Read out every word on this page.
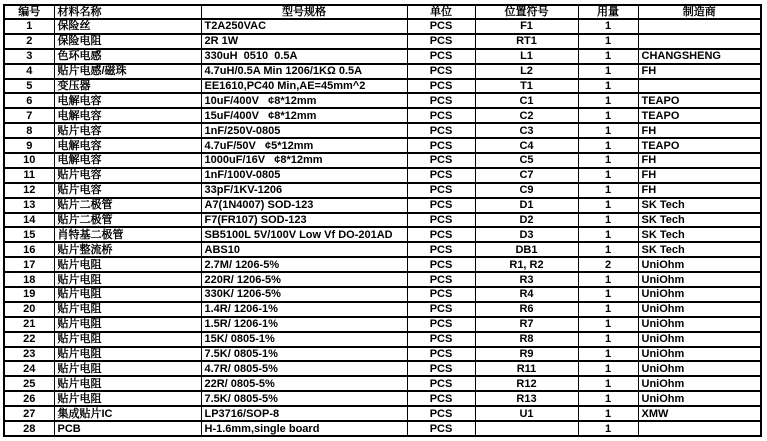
编号	材料名称	型号规格	单位	位置符号	用量	制造商
1	保险丝	T2A250VAC	PCS	F1	1	
2	保险电阻	2R 1W	PCS	RT1	1	
3	色环电感	330uH  0510  0.5A	PCS	L1	1	CHANGSHENG
4	贴片电感/磁珠	4.7uH/0.5A Min 1206/1KΩ 0.5A	PCS	L2	1	FH
5	变压器	EE1610,PC40 Min,AE=45mm^2	PCS	T1	1	
6	电解电容	10uF/400V   ¢8*12mm	PCS	C1	1	TEAPO
7	电解电容	15uF/400V   ¢8*12mm	PCS	C2	1	TEAPO
8	贴片电容	1nF/250V-0805	PCS	C3	1	FH
9	电解电容	4.7uF/50V   ¢5*12mm	PCS	C4	1	TEAPO
10	电解电容	1000uF/16V   ¢8*12mm	PCS	C5	1	FH
11	贴片电容	1nF/100V-0805	PCS	C7	1	FH
12	贴片电容	33pF/1KV-1206	PCS	C9	1	FH
13	贴片二极管	A7(1N4007) SOD-123	PCS	D1	1	SK Tech
14	贴片二极管	F7(FR107) SOD-123	PCS	D2	1	SK Tech
15	肖特基二极管	SB5100L 5V/100V Low Vf DO-201AD	PCS	D3	1	SK Tech
16	贴片整流桥	ABS10	PCS	DB1	1	SK Tech
17	贴片电阻	2.7M/ 1206-5%	PCS	R1, R2	2	UniOhm
18	贴片电阻	220R/ 1206-5%	PCS	R3	1	UniOhm
19	贴片电阻	330K/ 1206-5%	PCS	R4	1	UniOhm
20	贴片电阻	1.4R/ 1206-1%	PCS	R6	1	UniOhm
21	贴片电阻	1.5R/ 1206-1%	PCS	R7	1	UniOhm
22	贴片电阻	15K/ 0805-1%	PCS	R8	1	UniOhm
23	贴片电阻	7.5K/ 0805-1%	PCS	R9	1	UniOhm
24	贴片电阻	4.7R/ 0805-5%	PCS	R11	1	UniOhm
25	贴片电阻	22R/ 0805-5%	PCS	R12	1	UniOhm
26	贴片电阻	7.5K/ 0805-5%	PCS	R13	1	UniOhm
27	集成贴片IC	LP3716/SOP-8	PCS	U1	1	XMW
28	PCB	H-1.6mm,single board	PCS		1	
